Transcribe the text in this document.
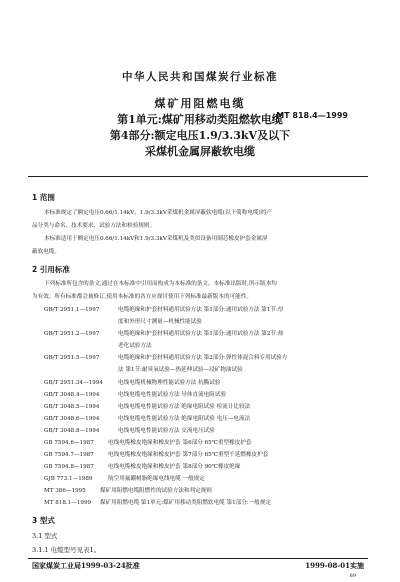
中华人民共和国煤炭行业标准
煤矿用阻燃电缆
第1单元:煤矿用移动类阻燃软电缆
第4部分:额定电压1.9/3.3kV及以下
采煤机金属屏蔽软电缆
MT 818.4—1999
1 范围
本标准规定了额定电压0.66/1.14kV、1.9/3.3kV采煤机金属屏蔽软电缆(以下简称电缆)的产
品分类与命名、技术要求、试验方法和检验规则。
本标准适用于额定电压0.66/1.14kV和1.9/3.3kV采煤机及类似设备用制芯橡皮护套金属屏
蔽软电缆。
2 引用标准
下列标准所包含的条文,通过在本标准中引用而构成为本标准的条文。本标准出版时,所示版本均
为有效。所有标准都会被修订,使用本标准的各方应探讨使用下列标准最新版本的可能性。
GB/T 2951.1—1997	电缆绝缘和护套材料通用试验方法 第1部分:通用试验方法 第1节:厚
度和外形尺寸测量—机械性能试验
GB/T 2951.2—1997	电缆绝缘和护套材料通用试验方法 第1部分:通用试验方法 第2节:热
老化试验方法
GB/T 2951.5—1997	电缆绝缘和护套材料通用试验方法 第2部分:弹性体混合料专用试验方
法 第1节:耐臭氧试验—热延伸试验—浸矿物油试验
GB/T 2951.34—1994	电线电缆机械物理性能试验方法 抗撕试验
GB/T 3048.4—1994	电线电缆电性能试验方法 导体直流电阻试验
GB/T 3048.5—1994	电线电缆电性能试验方法 绝缘电阻试验 检流计比较法
GB/T 3048.6—1994	电线电缆电性能试验方法 绝缘电阻试验 电压—电流法
GB/T 3048.8—1994	电线电缆电性能试验方法 交流电压试验
GB 7594.6—1987	电线电缆橡皮绝缘和橡皮护套 第6部分 65℃重型橡皮护套
GB 7594.7—1987	电线电缆橡皮绝缘和橡皮护套 第7部分 65℃重型不延燃橡皮护套
GB 7594.8—1987	电线电缆橡皮绝缘和橡皮护套 第8部分 90℃橡皮绝缘
GJB 773.1—1989	航空用氟硼树脂绝缘电线电缆 一般规定
MT 386—1995	煤矿用阻燃电缆阻燃性的试验方法和判定规则
MT 818.1—1999 煤矿用阻燃电缆 第1单元:煤矿用移动类阻燃软电缆 第1部分:一般规定
3 型式
3.1 型式
3.1.1 电缆型号见表1。
国家煤炭工业局1999-03-24批准	1999-08-01实施
89
